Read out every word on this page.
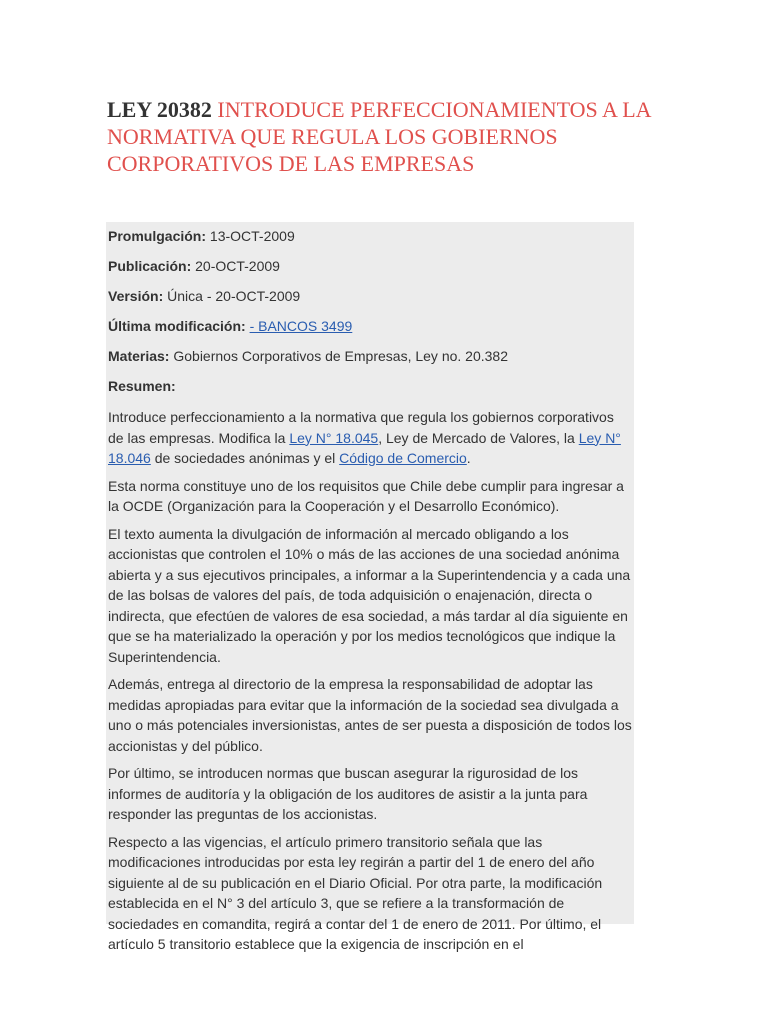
LEY 20382 INTRODUCE PERFECCIONAMIENTOS A LA NORMATIVA QUE REGULA LOS GOBIERNOS CORPORATIVOS DE LAS EMPRESAS

Promulgación: 13-OCT-2009

Publicación: 20-OCT-2009

Versión: Única - 20-OCT-2009

Última modificación: - BANCOS 3499

Materias: Gobiernos Corporativos de Empresas, Ley no. 20.382

Resumen:

Introduce perfeccionamiento a la normativa que regula los gobiernos corporativos de las empresas. Modifica la Ley N° 18.045, Ley de Mercado de Valores, la Ley N° 18.046 de sociedades anónimas y el Código de Comercio.

Esta norma constituye uno de los requisitos que Chile debe cumplir para ingresar a la OCDE (Organización para la Cooperación y el Desarrollo Económico).

El texto aumenta la divulgación de información al mercado obligando a los accionistas que controlen el 10% o más de las acciones de una sociedad anónima abierta y a sus ejecutivos principales, a informar a la Superintendencia y a cada una de las bolsas de valores del país, de toda adquisición o enajenación, directa o indirecta, que efectúen de valores de esa sociedad, a más tardar al día siguiente en que se ha materializado la operación y por los medios tecnológicos que indique la Superintendencia.

Además, entrega al directorio de la empresa la responsabilidad de adoptar las medidas apropiadas para evitar que la información de la sociedad sea divulgada a uno o más potenciales inversionistas, antes de ser puesta a disposición de todos los accionistas y del público.

Por último, se introducen normas que buscan asegurar la rigurosidad de los informes de auditoría y la obligación de los auditores de asistir a la junta para responder las preguntas de los accionistas.

Respecto a las vigencias, el artículo primero transitorio señala que las modificaciones introducidas por esta ley regirán a partir del 1 de enero del año siguiente al de su publicación en el Diario Oficial. Por otra parte, la modificación establecida en el N° 3 del artículo 3, que se refiere a la transformación de sociedades en comandita, regirá a contar del 1 de enero de 2011. Por último, el artículo 5 transitorio establece que la exigencia de inscripción en el
